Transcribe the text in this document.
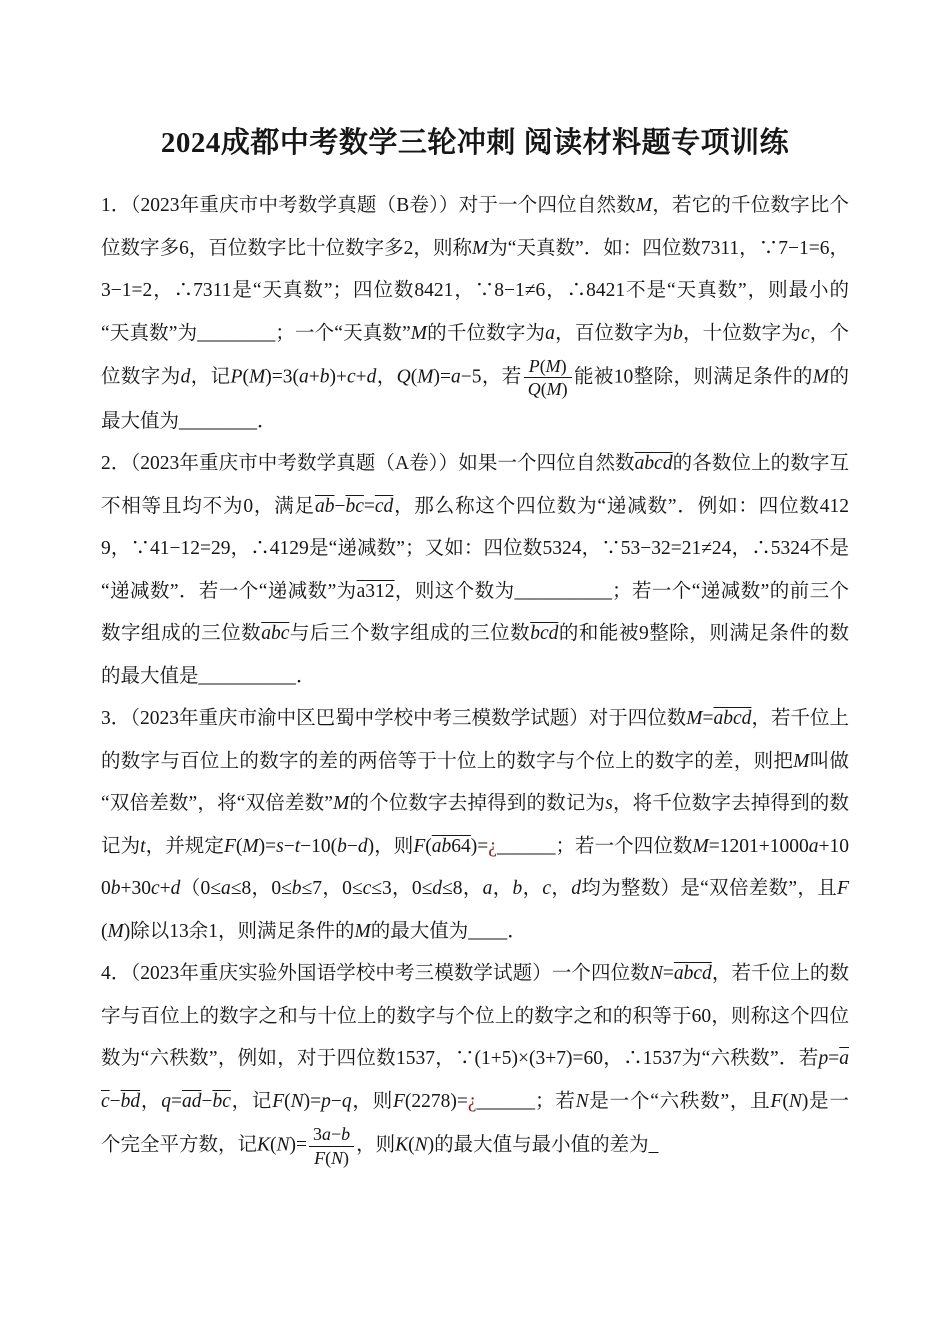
2024成都中考数学三轮冲刺 阅读材料题专项训练

1．（2023年重庆市中考数学真题（B卷））对于一个四位自然数M，若它的千位数字比个位数字多6，百位数字比十位数字多2，则称M为“天真数”．如：四位数7311，∵7−1=6，3−1=2，∴7311是“天真数”；四位数8421，∵8−1≠6，∴8421不是“天真数”，则最小的“天真数”为________；一个“天真数”M的千位数字为a，百位数字为b，十位数字为c，个位数字为d，记P(M)=3(a+b)+c+d，Q(M)=a−5，若 $\frac{P(M)}{Q(M)}$ 能被10整除，则满足条件的M的最大值为________．

2．（2023年重庆市中考数学真题（A卷））如果一个四位自然数abcd的各数位上的数字互不相等且均不为0，满足$\overline{ab}-\overline{bc}=\overline{cd}$，那么称这个四位数为“递减数”．例如：四位数4129，∵41−12=29，∴4129是“递减数”；又如：四位数5324，∵53−32=21≠24，∴5324不是“递减数”．若一个“递减数”为a312，则这个数为__________；若一个“递减数”的前三个数字组成的三位数$\overline{abc}$与后三个数字组成的三位数$\overline{bcd}$的和能被9整除，则满足条件的数的最大值是__________．

3．（2023年重庆市渝中区巴蜀中学校中考三模数学试题）对于四位数M=abcd，若千位上的数字与百位上的数字的差的两倍等于十位上的数字与个位上的数字的差，则把M叫做“双倍差数”，将“双倍差数”M的个位数字去掉得到的数记为s，将千位数字去掉得到的数记为t，并规定F(M)=s−t−10(b−d)，则F(ab64)=¿______；若一个四位数M=1201+1000a+100b+30c+d（0≤a≤8，0≤b≤7，0≤c≤3，0≤d≤8，a，b，c，d均为整数）是“双倍差数”，且F(M)除以13余1，则满足条件的M的最大值为____．

4．（2023年重庆实验外国语学校中考三模数学试题）一个四位数N=abcd，若千位上的数字与百位上的数字之和与十位上的数字与个位上的数字之和的积等于60，则称这个四位数为“六秩数”，例如，对于四位数1537，∵(1+5)×(3+7)=60，∴1537为“六秩数”．若$p=\overline{ac}-\overline{bd}$，$q=\overline{ad}-\overline{bc}$，记F(N)=p−q，则F(2278)=¿______；若N是一个“六秩数”，且F(N)是一个完全平方数，记$K(N)= \frac{3a-b}{F(N)}$ ，则K(N)的最大值与最小值的差为_
